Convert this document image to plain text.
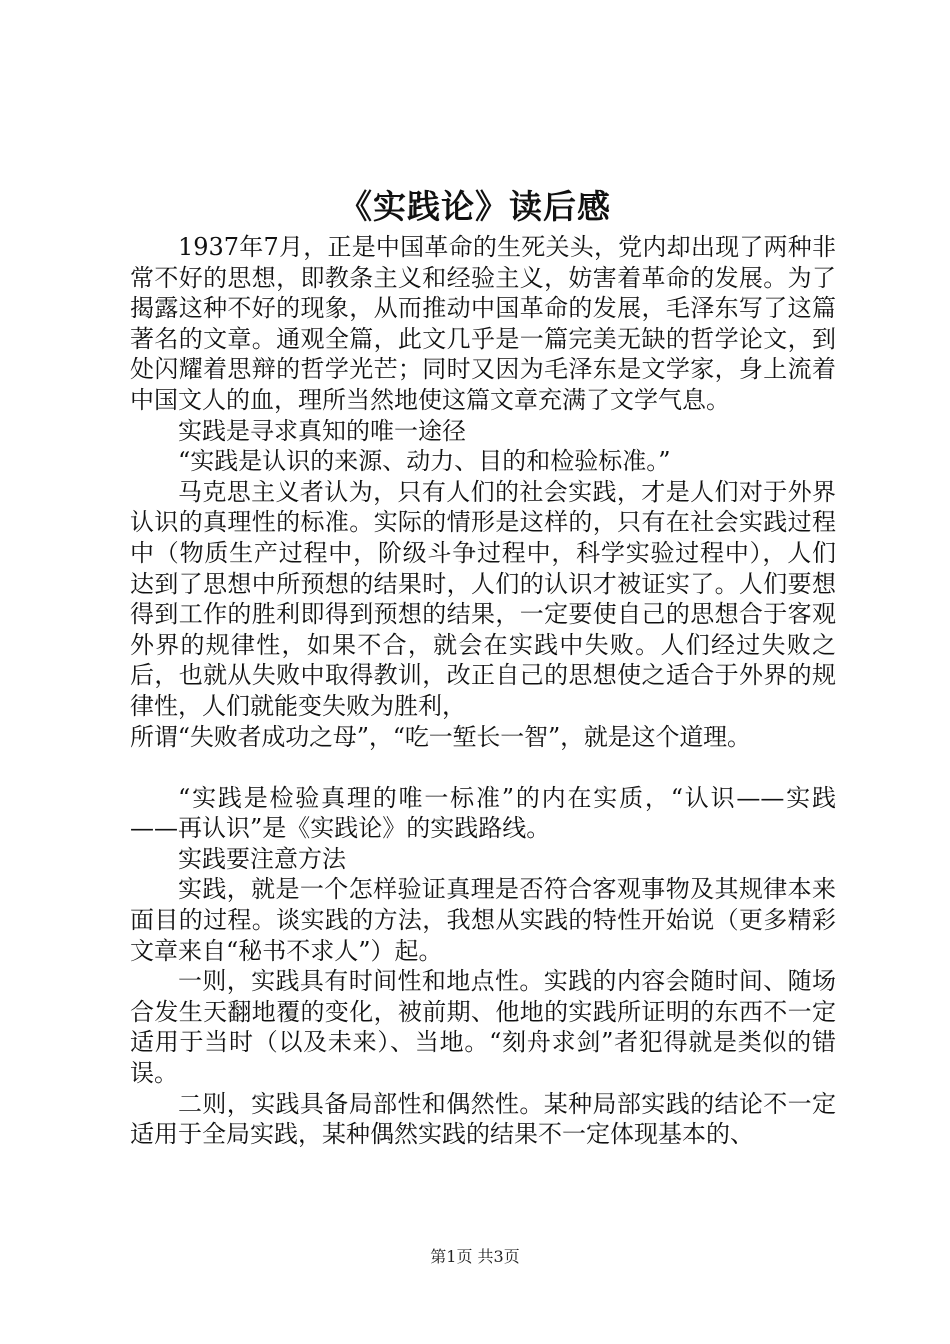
《实践论》读后感

1937年7月，正是中国革命的生死关头，党内却出现了两种非常不好的思想，即教条主义和经验主义，妨害着革命的发展。为了揭露这种不好的现象，从而推动中国革命的发展，毛泽东写了这篇著名的文章。通观全篇，此文几乎是一篇完美无缺的哲学论文，到处闪耀着思辩的哲学光芒；同时又因为毛泽东是文学家，身上流着中国文人的血，理所当然地使这篇文章充满了文学气息。

实践是寻求真知的唯一途径

“实践是认识的来源、动力、目的和检验标准。”

马克思主义者认为，只有人们的社会实践，才是人们对于外界认识的真理性的标准。实际的情形是这样的，只有在社会实践过程中（物质生产过程中，阶级斗争过程中，科学实验过程中），人们达到了思想中所预想的结果时，人们的认识才被证实了。人们要想得到工作的胜利即得到预想的结果，一定要使自己的思想合于客观外界的规律性，如果不合，就会在实践中失败。人们经过失败之后，也就从失败中取得教训，改正自己的思想使之适合于外界的规律性，人们就能变失败为胜利，

所谓“失败者成功之母”，“吃一堑长一智”，就是这个道理。

“实践是检验真理的唯一标准”的内在实质，“认识——实践——再认识”是《实践论》的实践路线。

实践要注意方法

实践，就是一个怎样验证真理是否符合客观事物及其规律本来面目的过程。谈实践的方法，我想从实践的特性开始说（更多精彩文章来自“秘书不求人”）起。

一则，实践具有时间性和地点性。实践的内容会随时间、随场合发生天翻地覆的变化，被前期、他地的实践所证明的东西不一定适用于当时（以及未来）、当地。“刻舟求剑”者犯得就是类似的错误。

二则，实践具备局部性和偶然性。某种局部实践的结论不一定适用于全局实践，某种偶然实践的结果不一定体现基本的、

第1页 共3页
